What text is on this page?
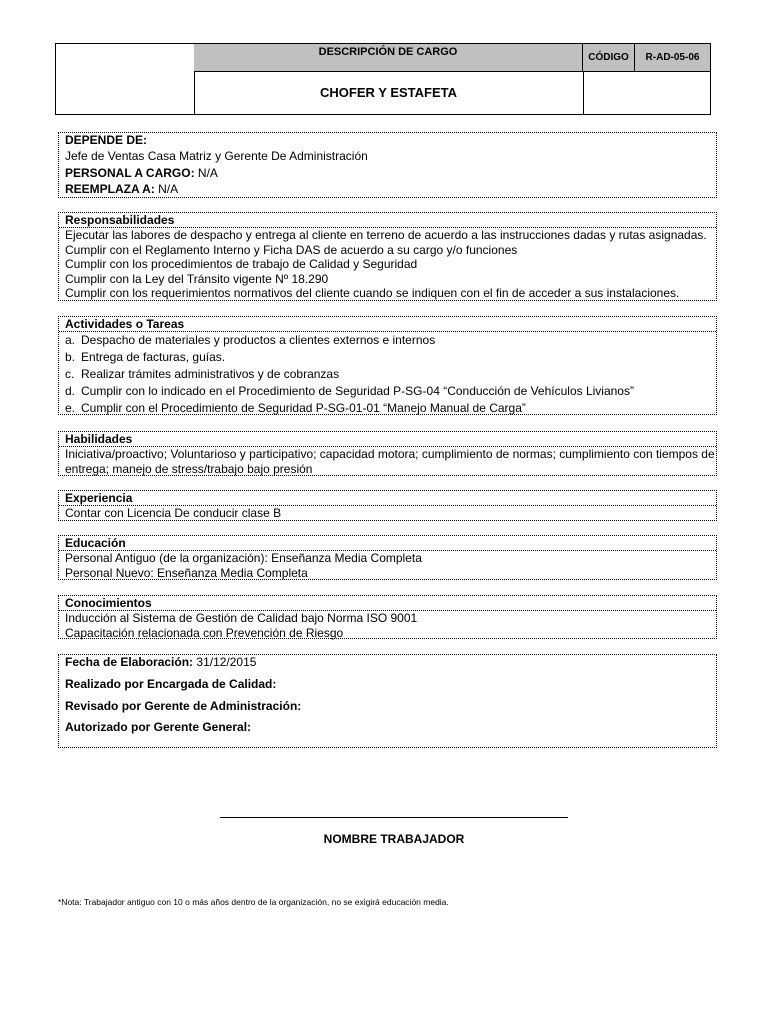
DESCRIPCIÓN DE CARGO
CHOFER Y ESTAFETA
CÓDIGO	R-AD-05-06
DEPENDE DE:
Jefe de Ventas Casa Matriz y Gerente De Administración
PERSONAL A CARGO: N/A
REEMPLAZA A: N/A
Responsabilidades
Ejecutar las labores de despacho y entrega al cliente en terreno de acuerdo a las instrucciones dadas y rutas asignadas.
Cumplir con el Reglamento Interno y Ficha DAS de acuerdo a su cargo y/o funciones
Cumplir con los procedimientos de trabajo de Calidad y Seguridad
Cumplir con la Ley del Tránsito vigente Nº 18.290
Cumplir con los requerimientos normativos del cliente cuando se indiquen con el fin de acceder a sus instalaciones.
Actividades o Tareas
a. Despacho de materiales y productos a clientes externos e internos
b. Entrega de facturas, guías.
c. Realizar trámites administrativos y de cobranzas
d. Cumplir con lo indicado en el Procedimiento de Seguridad P-SG-04 “Conducción de Vehículos Livianos”
e. Cumplir con el Procedimiento de Seguridad P-SG-01-01 “Manejo Manual de Carga”
Habilidades
Iniciativa/proactivo; Voluntarioso y participativo; capacidad motora; cumplimiento de normas; cumplimiento con tiempos de
entrega; manejo de stress/trabajo bajo presión
Experiencia
Contar con Licencia De conducir clase B
Educación
Personal Antiguo (de la organización): Enseñanza Media Completa
Personal Nuevo: Enseñanza Media Completa
Conocimientos
Inducción al Sistema de Gestión de Calidad bajo Norma ISO 9001
Capacitación relacionada con Prevención de Riesgo
Fecha de Elaboración: 31/12/2015
Realizado por Encargada de Calidad:
Revisado por Gerente de Administración:
Autorizado por Gerente General:
NOMBRE TRABAJADOR
*Nota: Trabajador antiguo con 10 o más años dentro de la organización, no se exigirá educación media.
